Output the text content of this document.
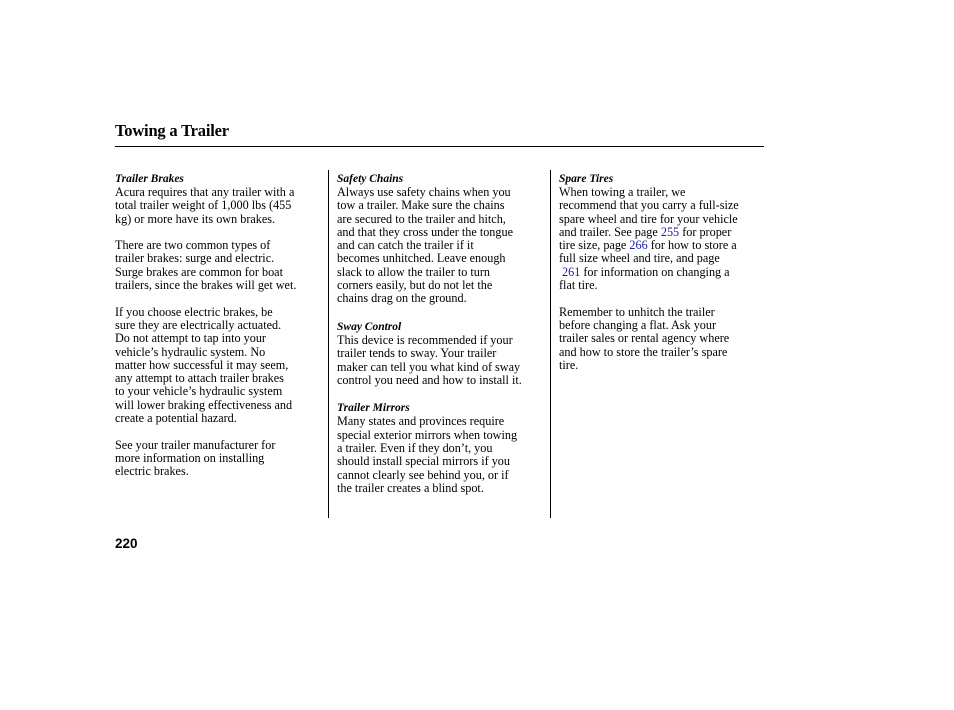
Towing a Trailer
Trailer Brakes

Acura requires that any trailer with a
total trailer weight of 1,000 lbs (455
kg) or more have its own brakes.

There are two common types of
trailer brakes: surge and electric.
Surge brakes are common for boat
trailers, since the brakes will get wet.

If you choose electric brakes, be
sure they are electrically actuated.
Do not attempt to tap into your
vehicle’s hydraulic system. No
matter how successful it may seem,
any attempt to attach trailer brakes
to your vehicle’s hydraulic system
will lower braking effectiveness and
create a potential hazard.

See your trailer manufacturer for
more information on installing
electric brakes.

Safety Chains

Always use safety chains when you
tow a trailer. Make sure the chains
are secured to the trailer and hitch,
and that they cross under the tongue
and can catch the trailer if it
becomes unhitched. Leave enough
slack to allow the trailer to turn
corners easily, but do not let the
chains drag on the ground.

Sway Control

This device is recommended if your
trailer tends to sway. Your trailer
maker can tell you what kind of sway
control you need and how to install it.

Trailer Mirrors

Many states and provinces require
special exterior mirrors when towing
a trailer. Even if they don’t, you
should install special mirrors if you
cannot clearly see behind you, or if
the trailer creates a blind spot.

Spare Tires

When towing a trailer, we
recommend that you carry a full-size
spare wheel and tire for your vehicle
and trailer. See page 255 for proper
tire size, page 266 for how to store a
full size wheel and tire, and page
261 for information on changing a
flat tire.

Remember to unhitch the trailer
before changing a flat. Ask your
trailer sales or rental agency where
and how to store the trailer’s spare
tire.

220
